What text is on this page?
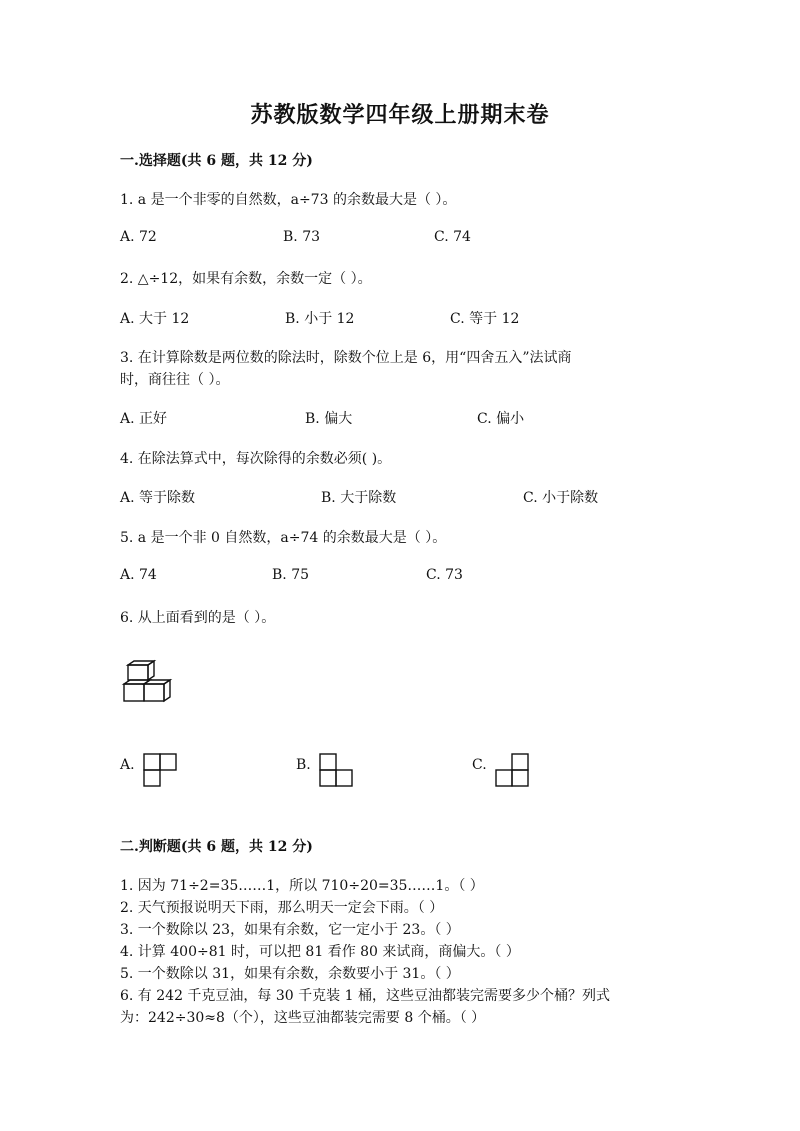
苏教版数学四年级上册期末卷
一.选择题(共 6 题，共 12 分)
1. a 是一个非零的自然数，a÷73 的余数最大是（ ）。
A. 72	B. 73	C. 74
2. △÷12，如果有余数，余数一定（ ）。
A. 大于 12	B. 小于 12	C. 等于 12
3. 在计算除数是两位数的除法时，除数个位上是 6，用“四舍五入”法试商
时，商往往（ ）。
A. 正好	B. 偏大	C. 偏小
4. 在除法算式中，每次除得的余数必须( )。
A. 等于除数	B. 大于除数	C. 小于除数
5. a 是一个非 0 自然数，a÷74 的余数最大是（ ）。
A. 74	B. 75	C. 73
6. 从上面看到的是（ ）。
A.	B.	C.
二.判断题(共 6 题，共 12 分)
1. 因为 71÷2=35……1，所以 710÷20=35……1。（ ）
2. 天气预报说明天下雨，那么明天一定会下雨。（ ）
3. 一个数除以 23，如果有余数，它一定小于 23。（ ）
4. 计算 400÷81 时，可以把 81 看作 80 来试商，商偏大。（ ）
5. 一个数除以 31，如果有余数，余数要小于 31。（ ）
6. 有 242 千克豆油，每 30 千克装 1 桶，这些豆油都装完需要多少个桶？列式
为：242÷30≈8（个），这些豆油都装完需要 8 个桶。（ ）
